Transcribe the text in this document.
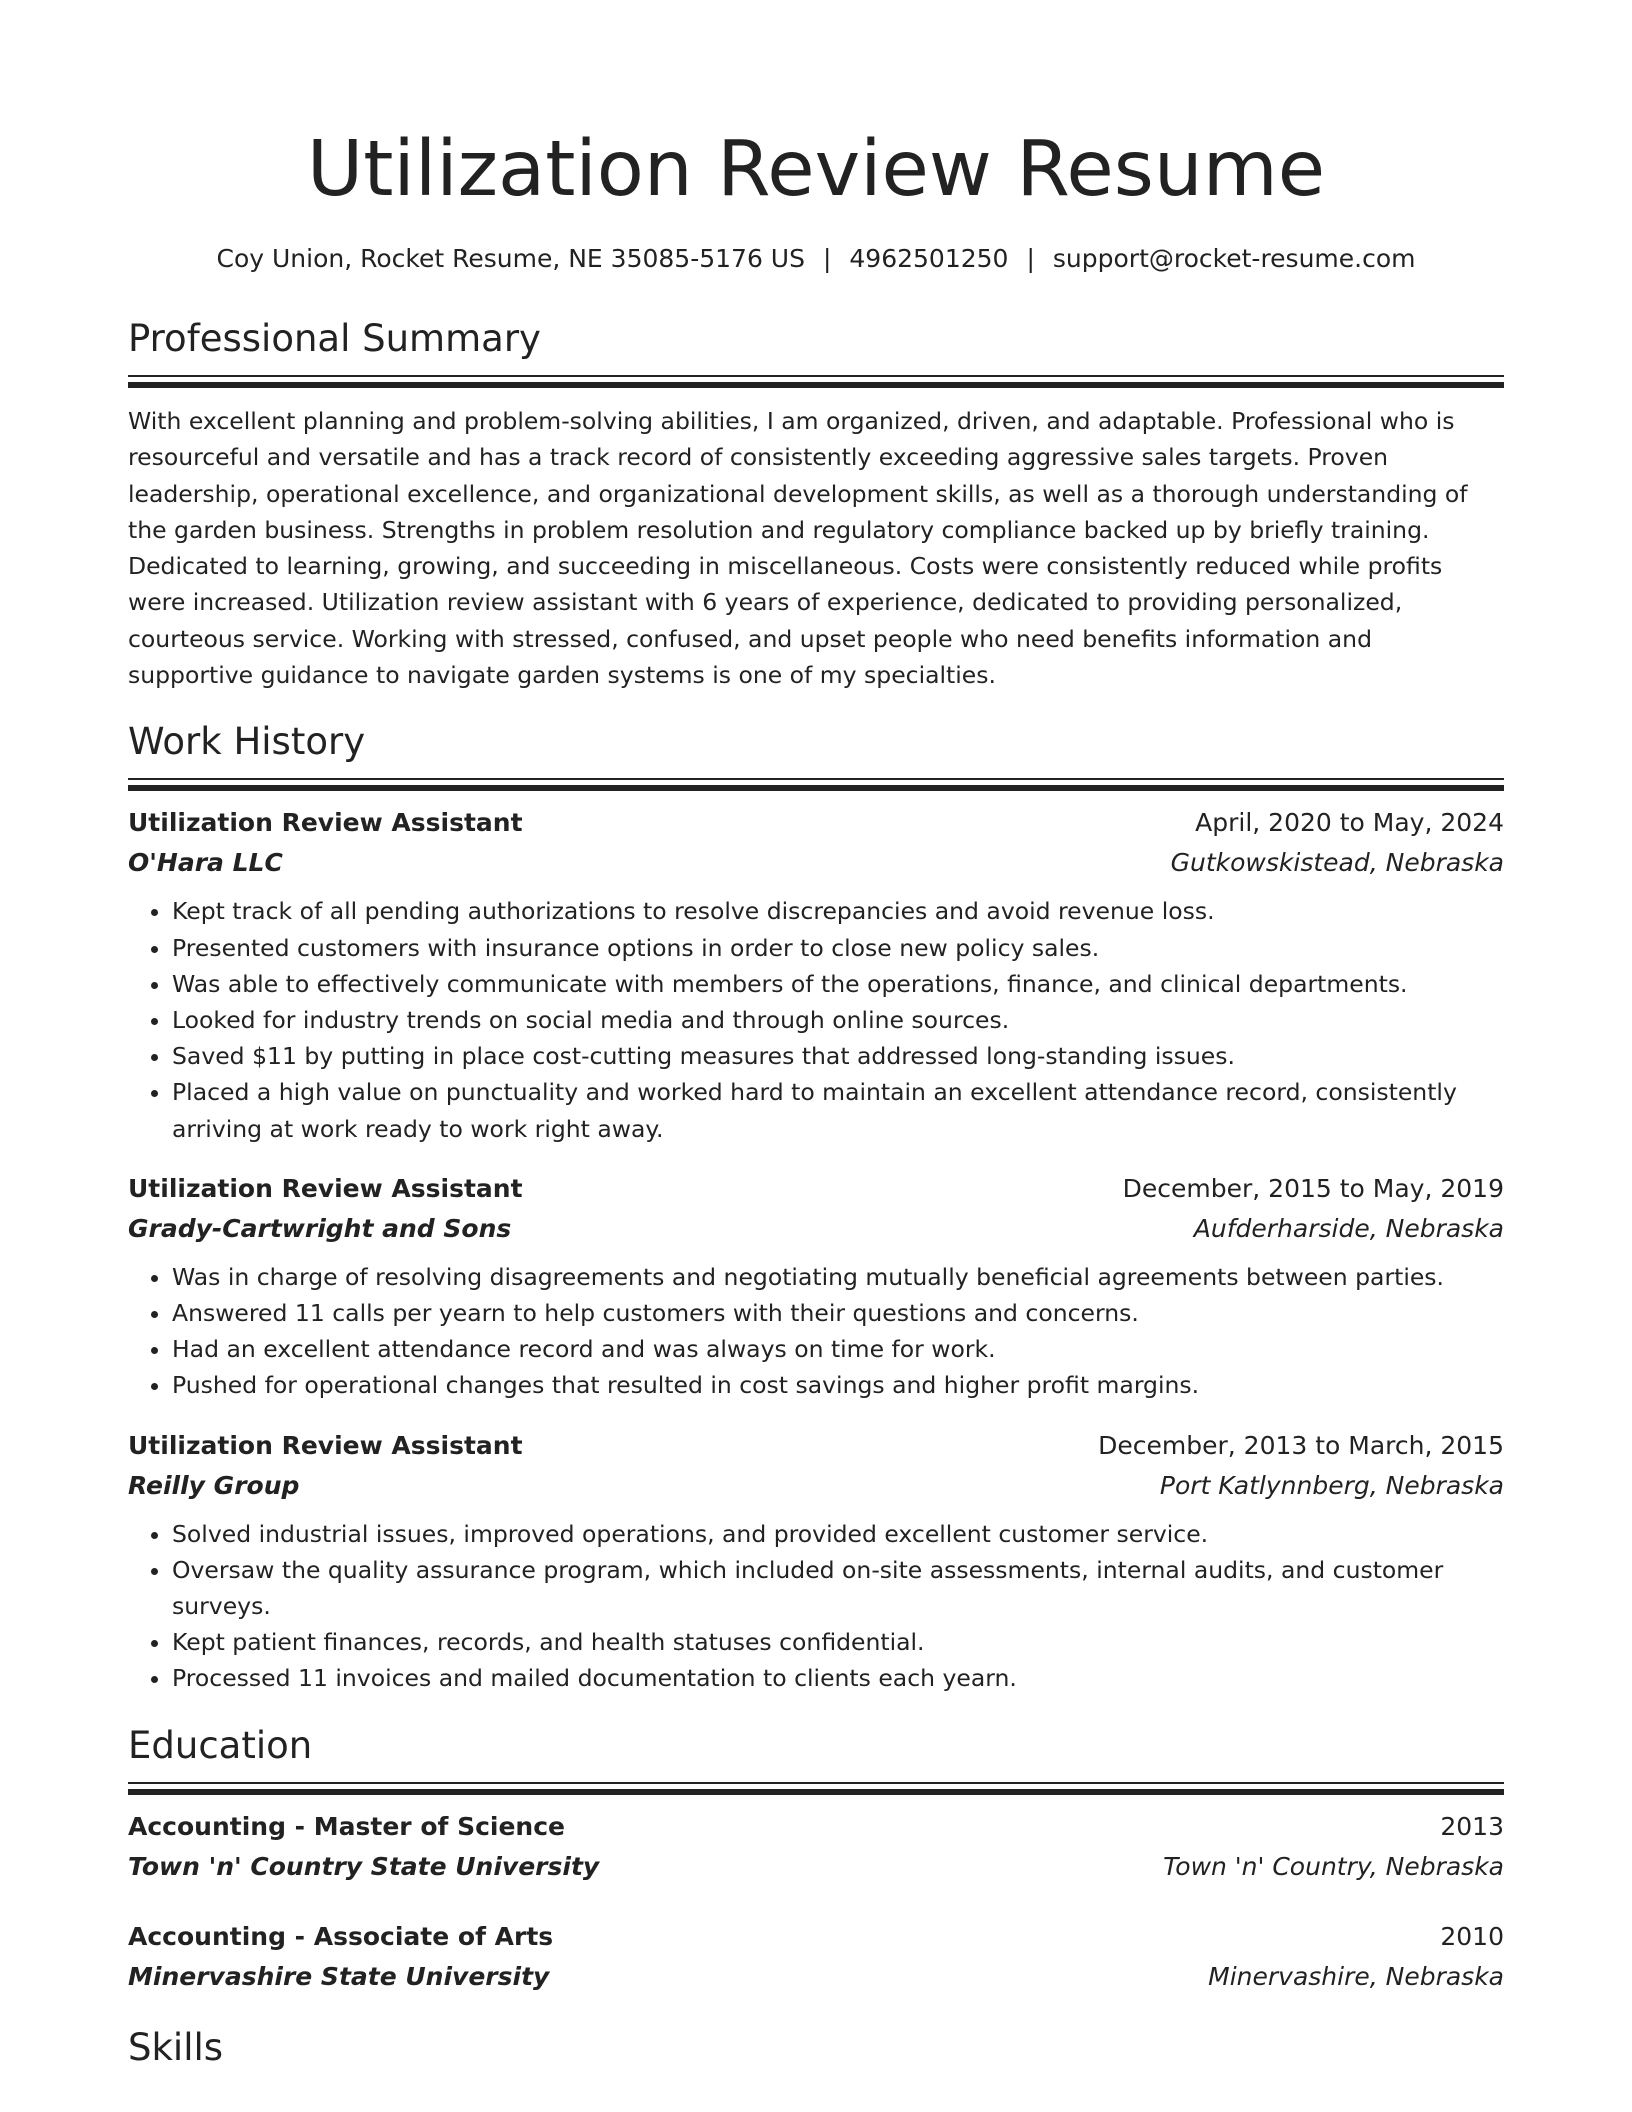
Utilization Review Resume
Coy Union, Rocket Resume, NE 35085-5176 US | 4962501250 | support@rocket-resume.com
Professional Summary

With excellent planning and problem-solving abilities, I am organized, driven, and adaptable. Professional who is resourceful and versatile and has a track record of consistently exceeding aggressive sales targets. Proven leadership, operational excellence, and organizational development skills, as well as a thorough understanding of the garden business. Strengths in problem resolution and regulatory compliance backed up by briefly training. Dedicated to learning, growing, and succeeding in miscellaneous. Costs were consistently reduced while profits were increased. Utilization review assistant with 6 years of experience, dedicated to providing personalized, courteous service. Working with stressed, confused, and upset people who need benefits information and supportive guidance to navigate garden systems is one of my specialties.

Work History
Utilization Review Assistant	April, 2020 to May, 2024
O'Hara LLC	Gutkowskistead, Nebraska
• Kept track of all pending authorizations to resolve discrepancies and avoid revenue loss.
• Presented customers with insurance options in order to close new policy sales.
• Was able to effectively communicate with members of the operations, finance, and clinical departments.
• Looked for industry trends on social media and through online sources.
• Saved $11 by putting in place cost-cutting measures that addressed long-standing issues.
• Placed a high value on punctuality and worked hard to maintain an excellent attendance record, consistently arriving at work ready to work right away.
Utilization Review Assistant	December, 2015 to May, 2019
Grady-Cartwright and Sons	Aufderharside, Nebraska
• Was in charge of resolving disagreements and negotiating mutually beneficial agreements between parties.
• Answered 11 calls per yearn to help customers with their questions and concerns.
• Had an excellent attendance record and was always on time for work.
• Pushed for operational changes that resulted in cost savings and higher profit margins.
Utilization Review Assistant	December, 2013 to March, 2015
Reilly Group	Port Katlynnberg, Nebraska
• Solved industrial issues, improved operations, and provided excellent customer service.
• Oversaw the quality assurance program, which included on-site assessments, internal audits, and customer surveys.
• Kept patient finances, records, and health statuses confidential.
• Processed 11 invoices and mailed documentation to clients each yearn.
Education
Accounting - Master of Science	2013
Town 'n' Country State University	Town 'n' Country, Nebraska
Accounting - Associate of Arts	2010
Minervashire State University	Minervashire, Nebraska
Skills
